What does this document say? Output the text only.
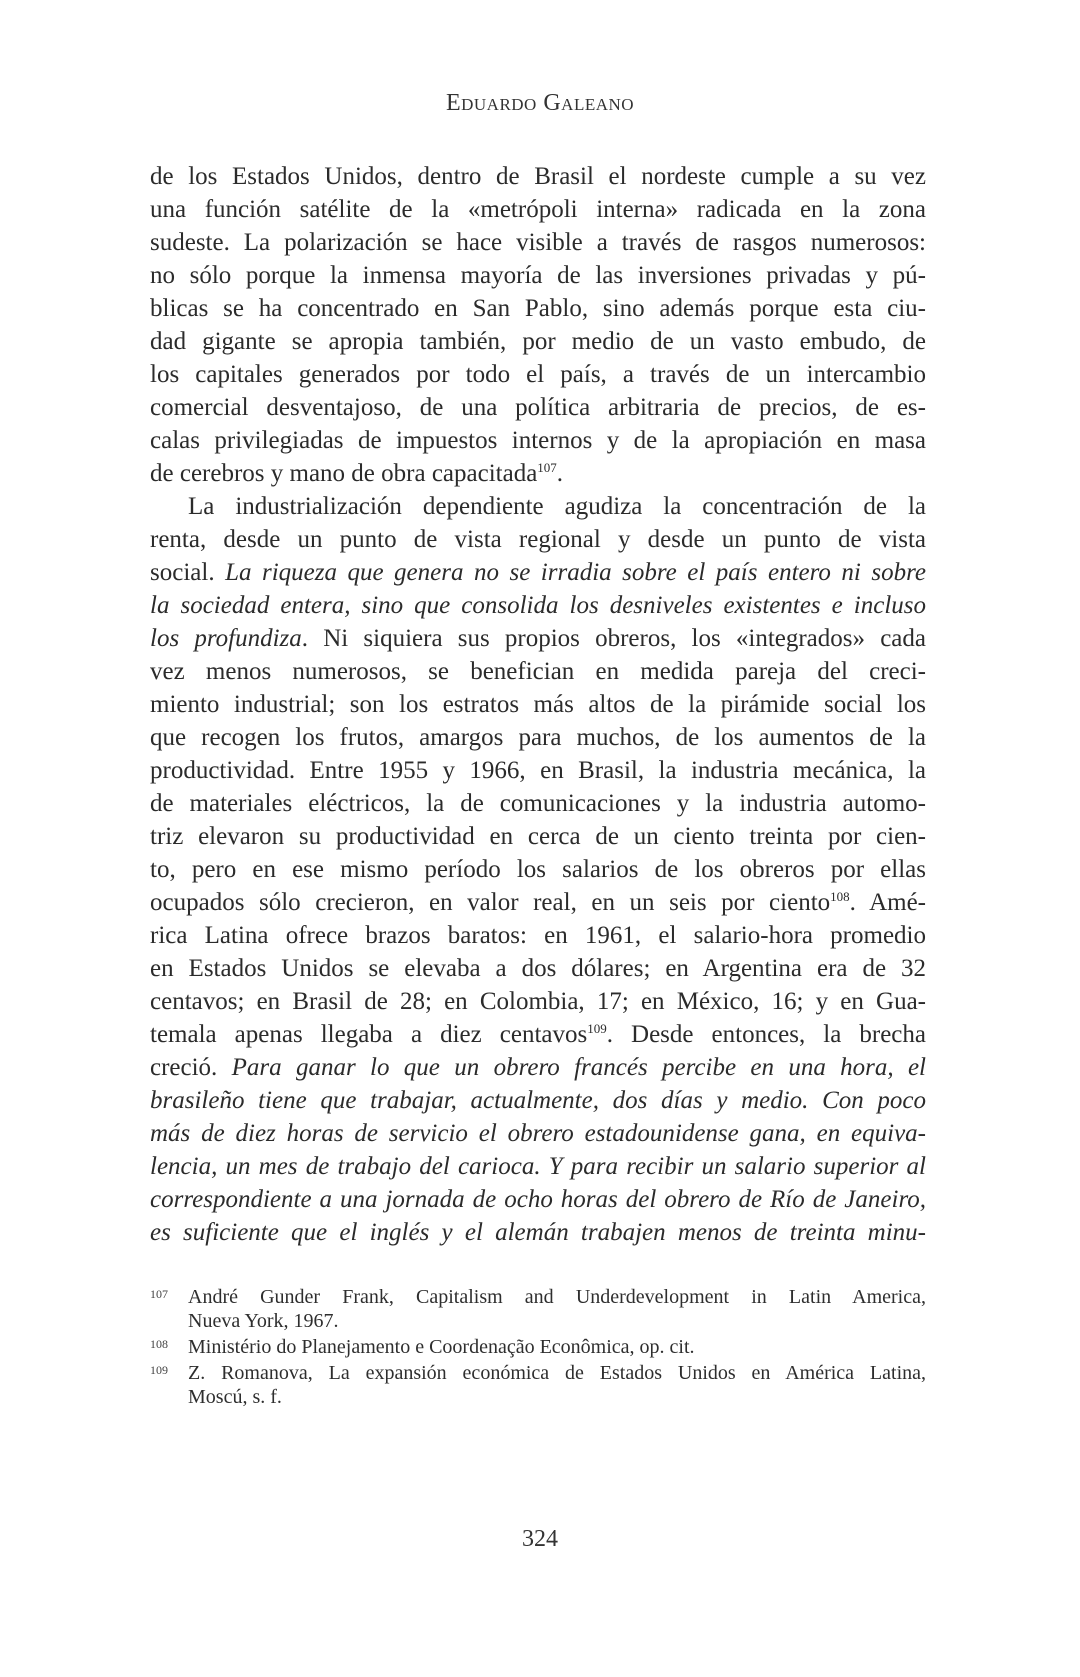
Eduardo Galeano
de los Estados Unidos, dentro de Brasil el nordeste cumple a su vez
una función satélite de la «metrópoli interna» radicada en la zona
sudeste. La polarización se hace visible a través de rasgos numerosos:
no sólo porque la inmensa mayoría de las inversiones privadas y pú-
blicas se ha concentrado en San Pablo, sino además porque esta ciu-
dad gigante se apropia también, por medio de un vasto embudo, de
los capitales generados por todo el país, a través de un intercambio
comercial desventajoso, de una política arbitraria de precios, de es-
calas privilegiadas de impuestos internos y de la apropiación en masa
de cerebros y mano de obra capacitada$^{107}$.
La industrialización dependiente agudiza la concentración de la
renta, desde un punto de vista regional y desde un punto de vista
social. La riqueza que genera no se irradia sobre el país entero ni sobre
la sociedad entera, sino que consolida los desniveles existentes e incluso
los profundiza. Ni siquiera sus propios obreros, los «integrados» cada
vez menos numerosos, se benefician en medida pareja del creci-
miento industrial; son los estratos más altos de la pirámide social los
que recogen los frutos, amargos para muchos, de los aumentos de la
productividad. Entre 1955 y 1966, en Brasil, la industria mecánica, la
de materiales eléctricos, la de comunicaciones y la industria automo-
triz elevaron su productividad en cerca de un ciento treinta por cien-
to, pero en ese mismo período los salarios de los obreros por ellas
ocupados sólo crecieron, en valor real, en un seis por ciento$^{108}$. Amé-
rica Latina ofrece brazos baratos: en 1961, el salario-hora promedio
en Estados Unidos se elevaba a dos dólares; en Argentina era de 32
centavos; en Brasil de 28; en Colombia, 17; en México, 16; y en Gua-
temala apenas llegaba a diez centavos$^{109}$. Desde entonces, la brecha
creció. Para ganar lo que un obrero francés percibe en una hora, el
brasileño tiene que trabajar, actualmente, dos días y medio. Con poco
más de diez horas de servicio el obrero estadounidense gana, en equiva-
lencia, un mes de trabajo del carioca. Y para recibir un salario superior al
correspondiente a una jornada de ocho horas del obrero de Río de Janeiro,
es suficiente que el inglés y el alemán trabajen menos de treinta minu-
107 André Gunder Frank, Capitalism and Underdevelopment in Latin America,
Nueva York, 1967.
108 Ministério do Planejamento e Coordenação Econômica, op. cit.
109 Z. Romanova, La expansión económica de Estados Unidos en América Latina,
Moscú, s. f.
324
